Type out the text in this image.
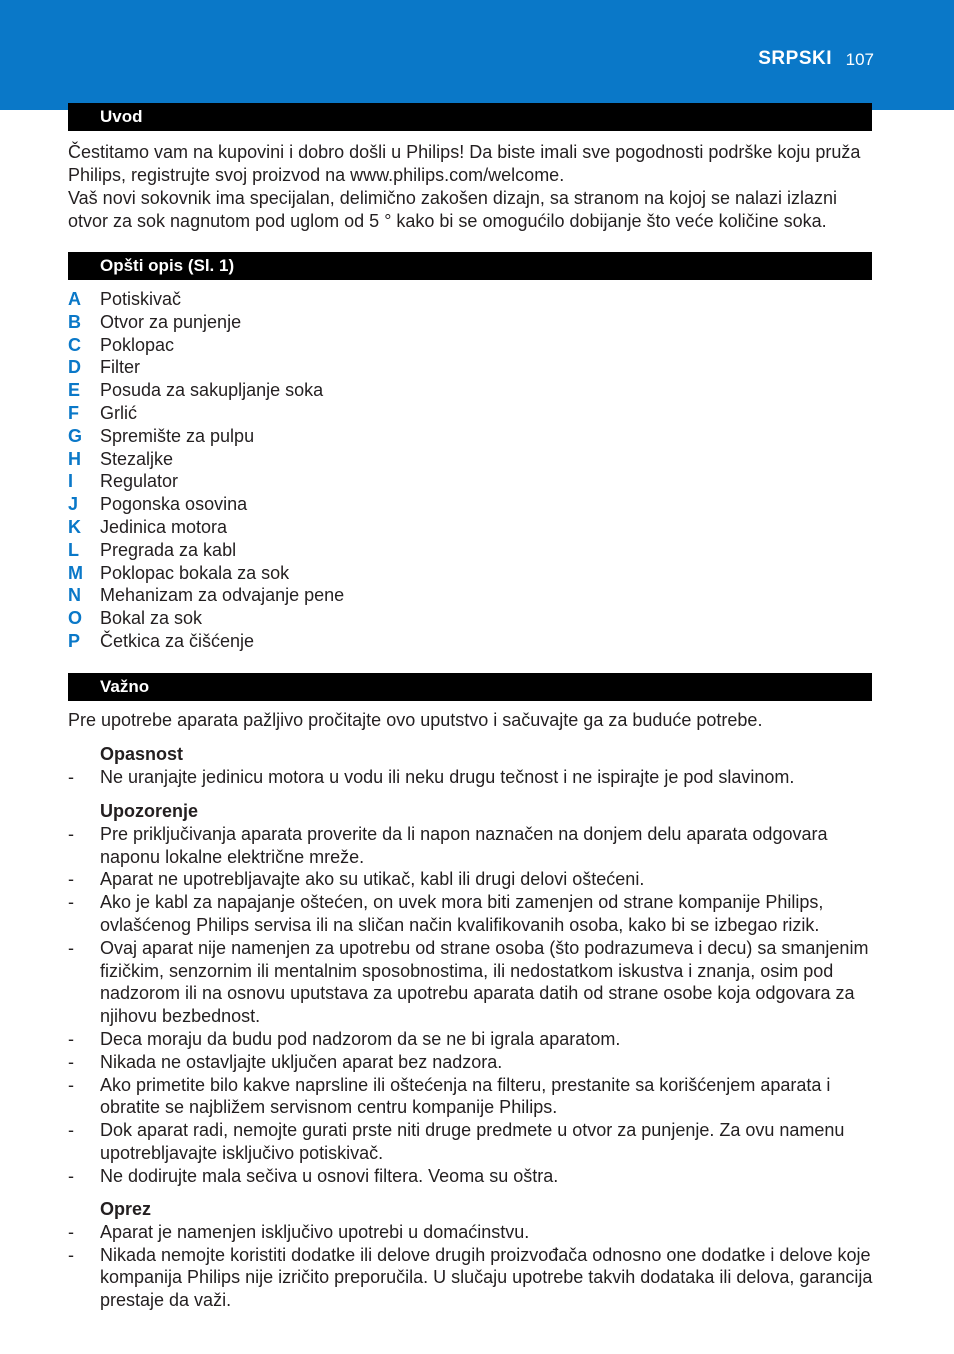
SRPSKI 107
Uvod

Čestitamo vam na kupovini i dobro došli u Philips! Da biste imali sve pogodnosti podrške koju pruža Philips, registrujte svoj proizvod na www.philips.com/welcome.

Vaš novi sokovnik ima specijalan, delimično zakošen dizajn, sa stranom na kojoj se nalazi izlazni otvor za sok nagnutom pod uglom od 5 ° kako bi se omogućilo dobijanje što veće količine soka.

Opšti opis (Sl. 1)
A Potiskivač
B Otvor za punjenje
C Poklopac
D Filter
E Posuda za sakupljanje soka
F Grlić
G Spremište za pulpu
H Stezaljke
I Regulator
J Pogonska osovina
K Jedinica motora
L Pregrada za kabl
M Poklopac bokala za sok
N Mehanizam za odvajanje pene
O Bokal za sok
P Četkica za čišćenje
Važno
Pre upotrebe aparata pažljivo pročitajte ovo uputstvo i sačuvajte ga za buduće potrebe.
Opasnost
-	Ne uranjajte jedinicu motora u vodu ili neku drugu tečnost i ne ispirajte je pod slavinom.
Upozorenje
-	Pre priključivanja aparata proverite da li napon naznačen na donjem delu aparata odgovara naponu lokalne električne mreže.
-	Aparat ne upotrebljavajte ako su utikač, kabl ili drugi delovi oštećeni.
-	Ako je kabl za napajanje oštećen, on uvek mora biti zamenjen od strane kompanije Philips, ovlašćenog Philips servisa ili na sličan način kvalifikovanih osoba, kako bi se izbegao rizik.
-	Ovaj aparat nije namenjen za upotrebu od strane osoba (što podrazumeva i decu) sa smanjenim fizičkim, senzornim ili mentalnim sposobnostima, ili nedostatkom iskustva i znanja, osim pod nadzorom ili na osnovu uputstava za upotrebu aparata datih od strane osobe koja odgovara za njihovu bezbednost.
-	Deca moraju da budu pod nadzorom da se ne bi igrala aparatom.
-	Nikada ne ostavljajte uključen aparat bez nadzora.
-	Ako primetite bilo kakve naprsline ili oštećenja na filteru, prestanite sa korišćenjem aparata i obratite se najbližem servisnom centru kompanije Philips.
-	Dok aparat radi, nemojte gurati prste niti druge predmete u otvor za punjenje. Za ovu namenu upotrebljavajte isključivo potiskivač.
-	Ne dodirujte mala sečiva u osnovi filtera. Veoma su oštra.
Oprez
-	Aparat je namenjen isključivo upotrebi u domaćinstvu.
-	Nikada nemojte koristiti dodatke ili delove drugih proizvođača odnosno one dodatke i delove koje kompanija Philips nije izričito preporučila. U slučaju upotrebe takvih dodataka ili delova, garancija prestaje da važi.
